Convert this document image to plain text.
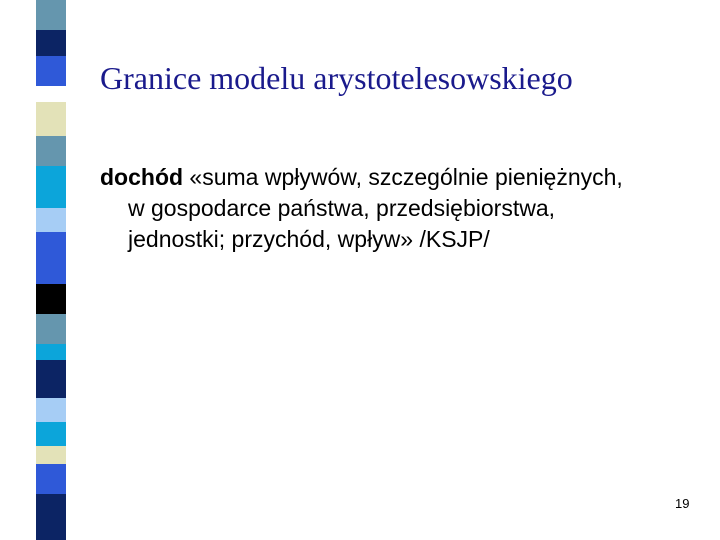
Granice modelu arystotelesowskiego

dochód «suma wpływów, szczególnie pieniężnych, w gospodarce państwa, przedsiębiorstwa, jednostki; przychód, wpływ» /KSJP/

19
